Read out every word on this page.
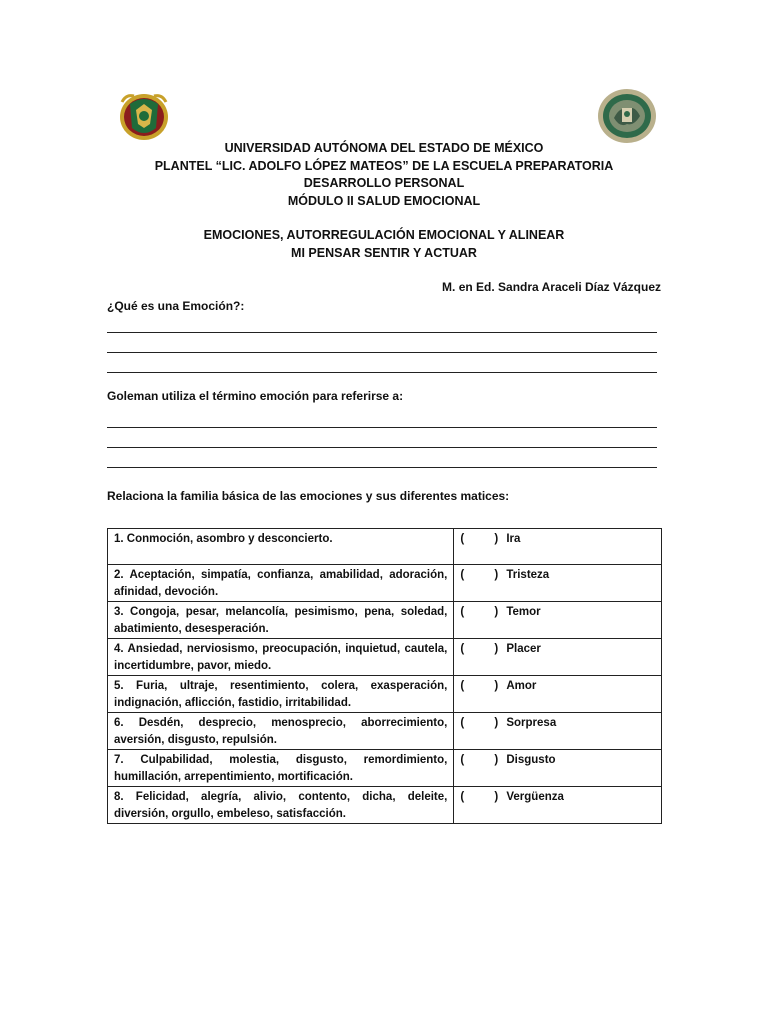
UNIVERSIDAD AUTÓNOMA DEL ESTADO DE MÉXICO
PLANTEL “LIC. ADOLFO LÓPEZ MATEOS” DE LA ESCUELA PREPARATORIA
DESARROLLO PERSONAL
MÓDULO II SALUD EMOCIONAL
EMOCIONES, AUTORREGULACIÓN EMOCIONAL Y ALINEAR
MI PENSAR SENTIR Y ACTUAR
M. en Ed. Sandra Araceli Díaz Vázquez
¿Qué es una Emoción?:
Goleman utiliza el término emoción para referirse a:
Relaciona la familia básica de las emociones y sus diferentes matices:
1. Conmoción, asombro y desconcierto.	( ) Ira
2. Aceptación, simpatía, confianza, amabilidad, adoración, afinidad, devoción.	( ) Tristeza
3. Congoja, pesar, melancolía, pesimismo, pena, soledad, abatimiento, desesperación.	( ) Temor
4. Ansiedad, nerviosismo, preocupación, inquietud, cautela, incertidumbre, pavor, miedo.	( ) Placer
5. Furia, ultraje, resentimiento, colera, exasperación, indignación, aflicción, fastidio, irritabilidad.	( ) Amor
6. Desdén, desprecio, menosprecio, aborrecimiento, aversión, disgusto, repulsión.	( ) Sorpresa
7. Culpabilidad, molestia, disgusto, remordimiento, humillación, arrepentimiento, mortificación.	( ) Disgusto
8. Felicidad, alegría, alivio, contento, dicha, deleite, diversión, orgullo, embeleso, satisfacción.	( ) Vergüenza
